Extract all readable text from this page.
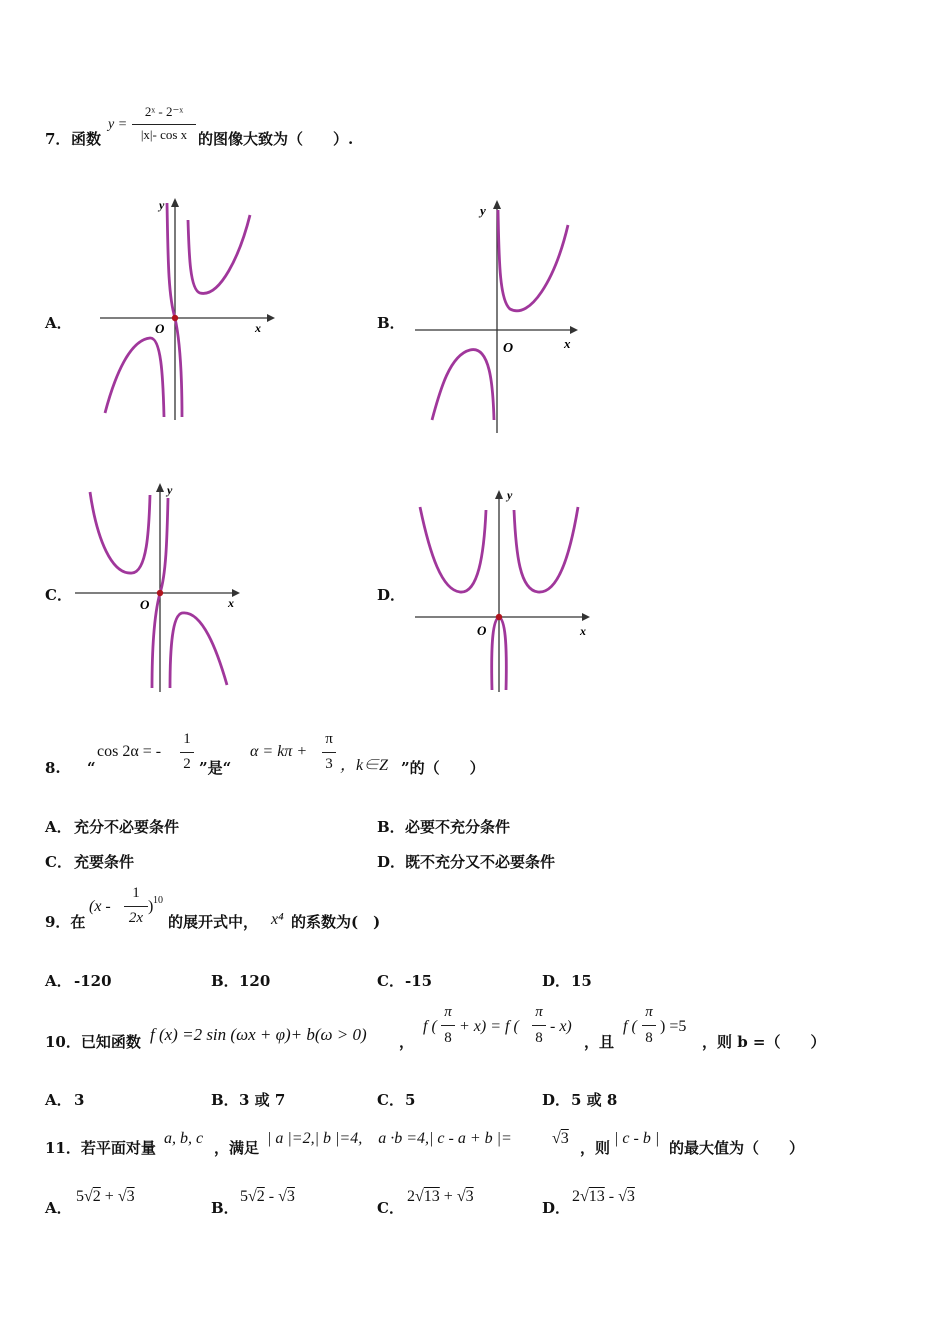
7． 函数
y =
2ˣ - 2⁻ˣ
|x|- cos x 的图像大致为（　　）.
A．	B．
C．	D．
y
x
O
y
x
O
y
x
O
y
x
O
8. “
cos 2α = -
1
2 ”是“
α = kπ +
π
3 ，k∈Z ”的（　　）
A． 充分不必要条件	B． 必要不充分条件
C． 充要条件	D． 既不充分又不必要条件
9．在
(x -
1
2x
) 10
的展开式中， x⁴ 的系数为(　)
A． -120	B． 120	C． -15	D． 15
10．已知函数 f (x) =2 sin (ωx + φ)+ b(ω > 0) ，
f (
π
8
+ x) = f (
π
8
- x)
，且
f (
π
8
) =5
，则 b =（　　）
A． 3	B． 3 或 7	C． 5	D． 5 或 8
11．若平面对量
a, b, c
，满足
| a |=2,| b |=4,　a ·b =4,| c - a + b |=	√3
，则
| c - b |
的最大值为（　　）
A．
5√2 + √3
B．
5√2 - √3
C．
2√13 + √3
D．
2√13 - √3
